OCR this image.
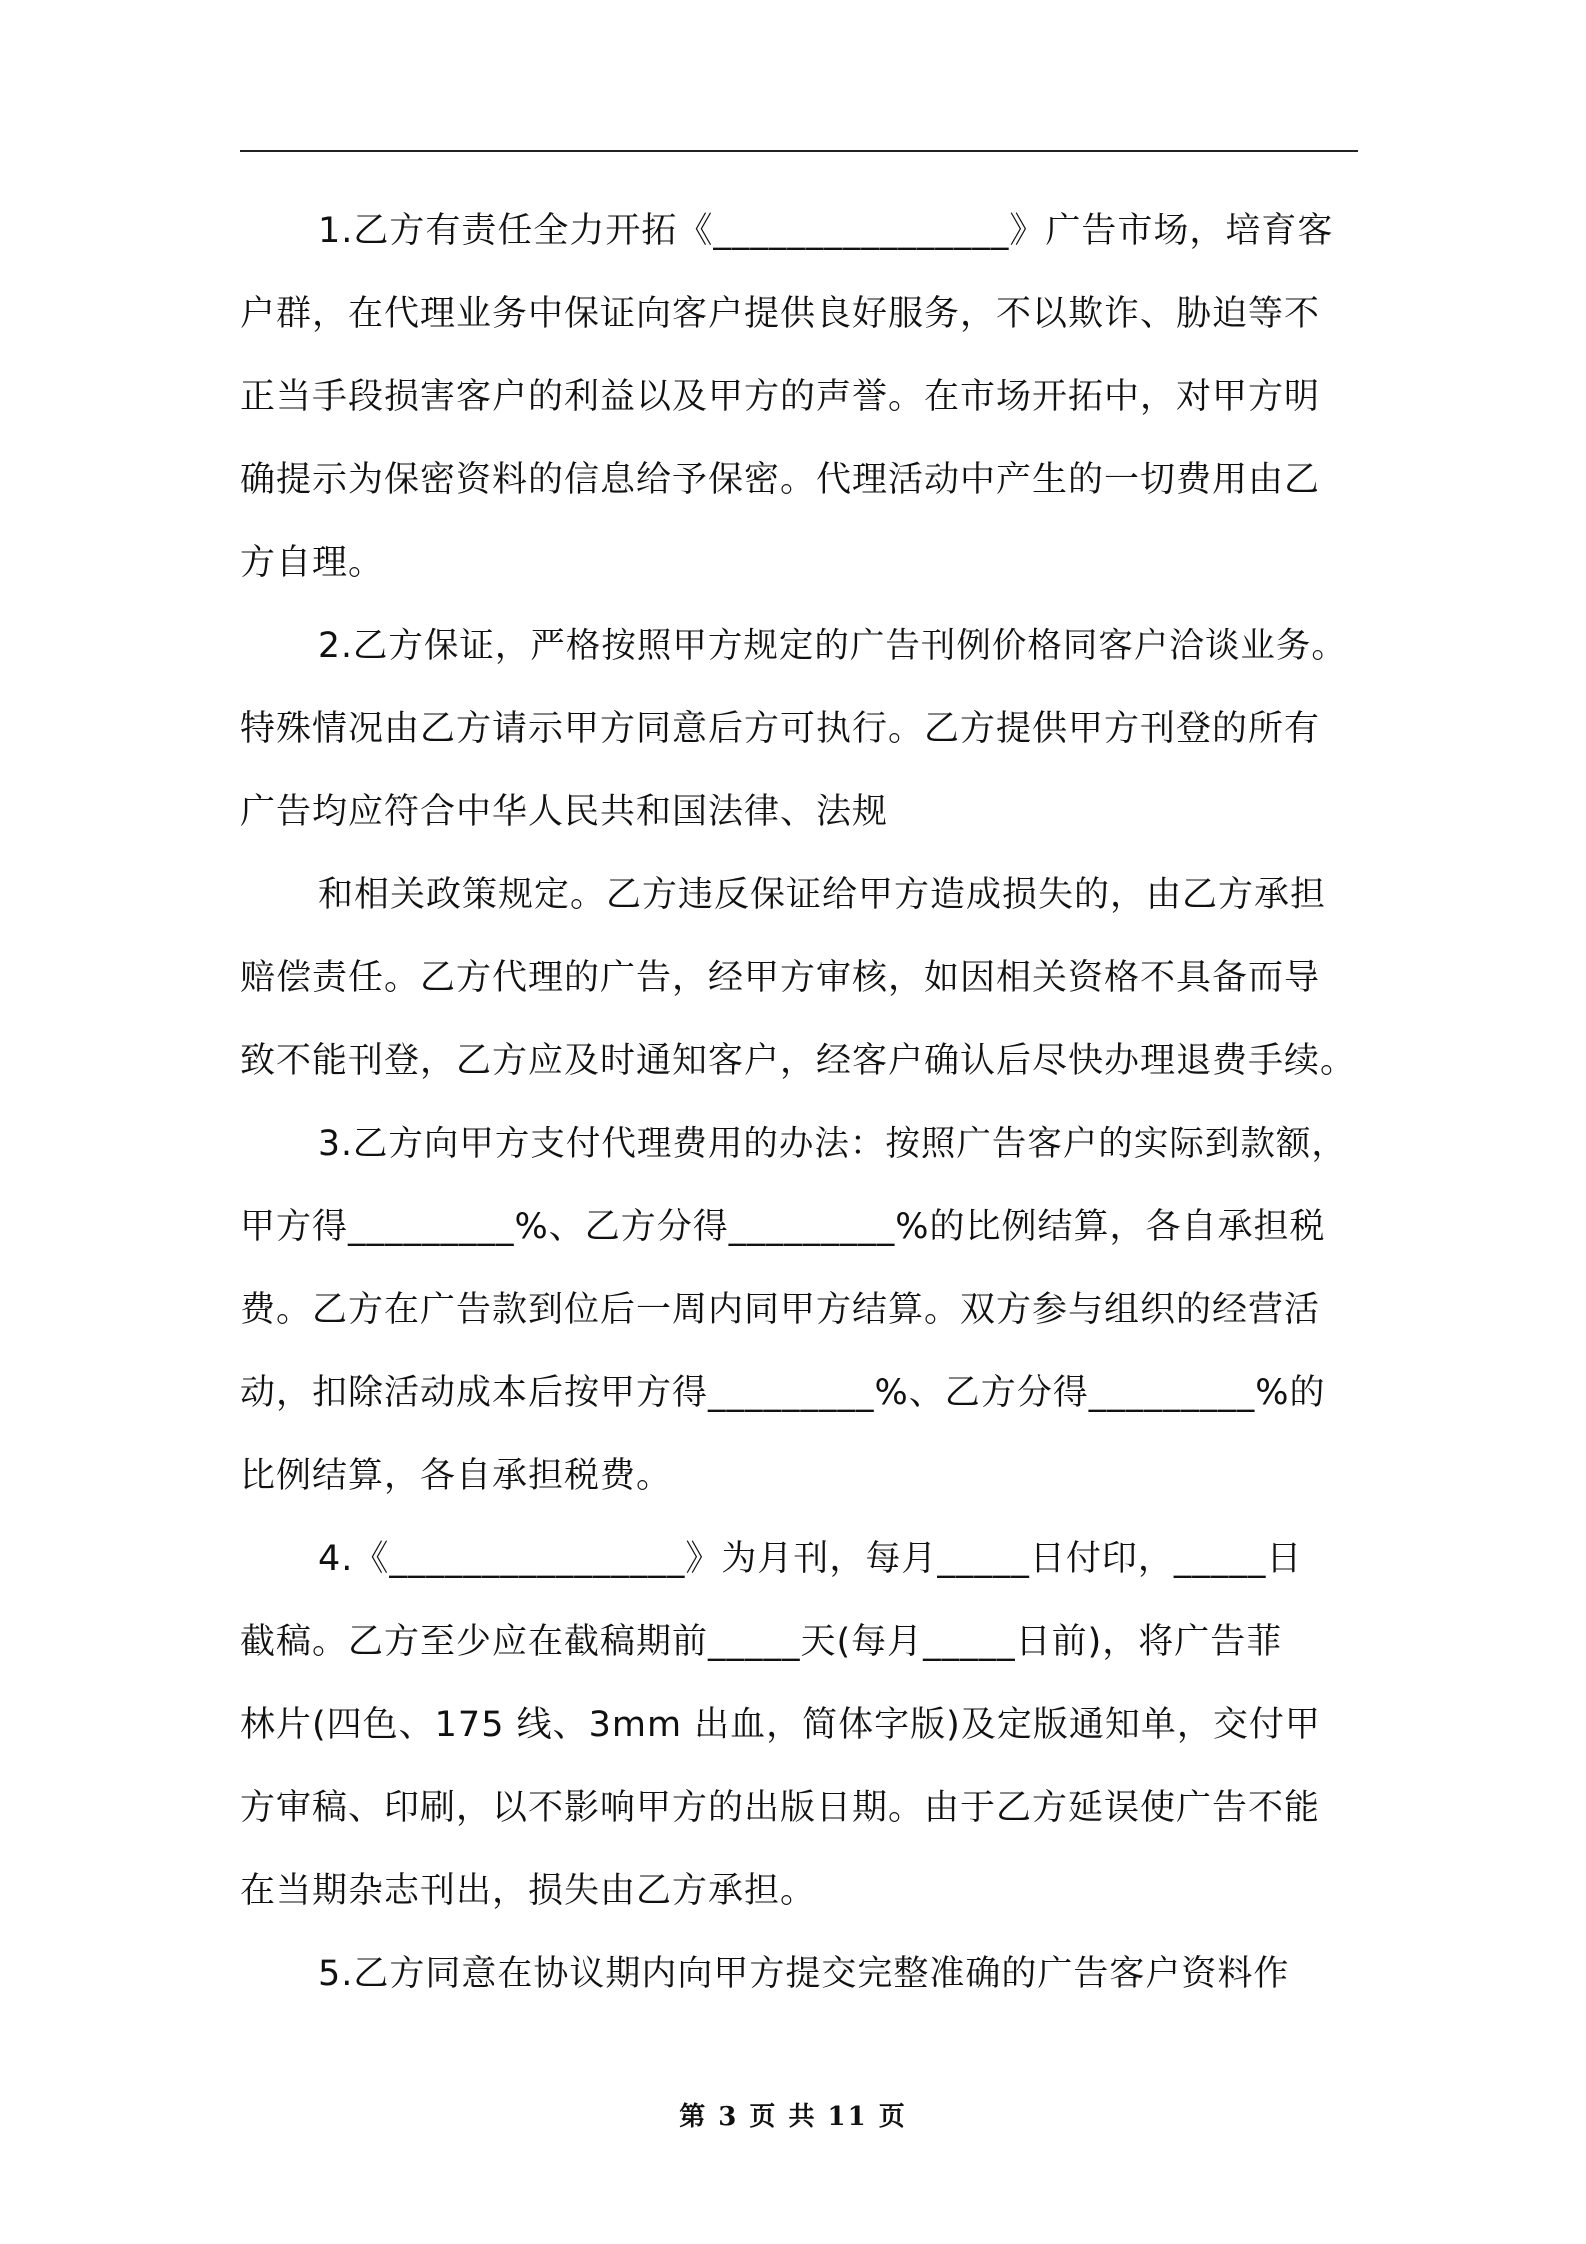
1.乙方有责任全力开拓《________________》广告市场，培育客
户群，在代理业务中保证向客户提供良好服务，不以欺诈、胁迫等不
正当手段损害客户的利益以及甲方的声誉。在市场开拓中，对甲方明
确提示为保密资料的信息给予保密。代理活动中产生的一切费用由乙
方自理。
2.乙方保证，严格按照甲方规定的广告刊例价格同客户洽谈业务。
特殊情况由乙方请示甲方同意后方可执行。乙方提供甲方刊登的所有
广告均应符合中华人民共和国法律、法规
和相关政策规定。乙方违反保证给甲方造成损失的，由乙方承担
赔偿责任。乙方代理的广告，经甲方审核，如因相关资格不具备而导
致不能刊登，乙方应及时通知客户，经客户确认后尽快办理退费手续。
3.乙方向甲方支付代理费用的办法：按照广告客户的实际到款额，
甲方得_________%、乙方分得_________%的比例结算，各自承担税
费。乙方在广告款到位后一周内同甲方结算。双方参与组织的经营活
动，扣除活动成本后按甲方得_________%、乙方分得_________%的
比例结算，各自承担税费。
4.《________________》为月刊，每月_____日付印，_____日
截稿。乙方至少应在截稿期前_____天(每月_____日前)，将广告菲
林片(四色、175 线、3mm 出血，简体字版)及定版通知单，交付甲
方审稿、印刷，以不影响甲方的出版日期。由于乙方延误使广告不能
在当期杂志刊出，损失由乙方承担。
5.乙方同意在协议期内向甲方提交完整准确的广告客户资料作
第 3 页 共 11 页
